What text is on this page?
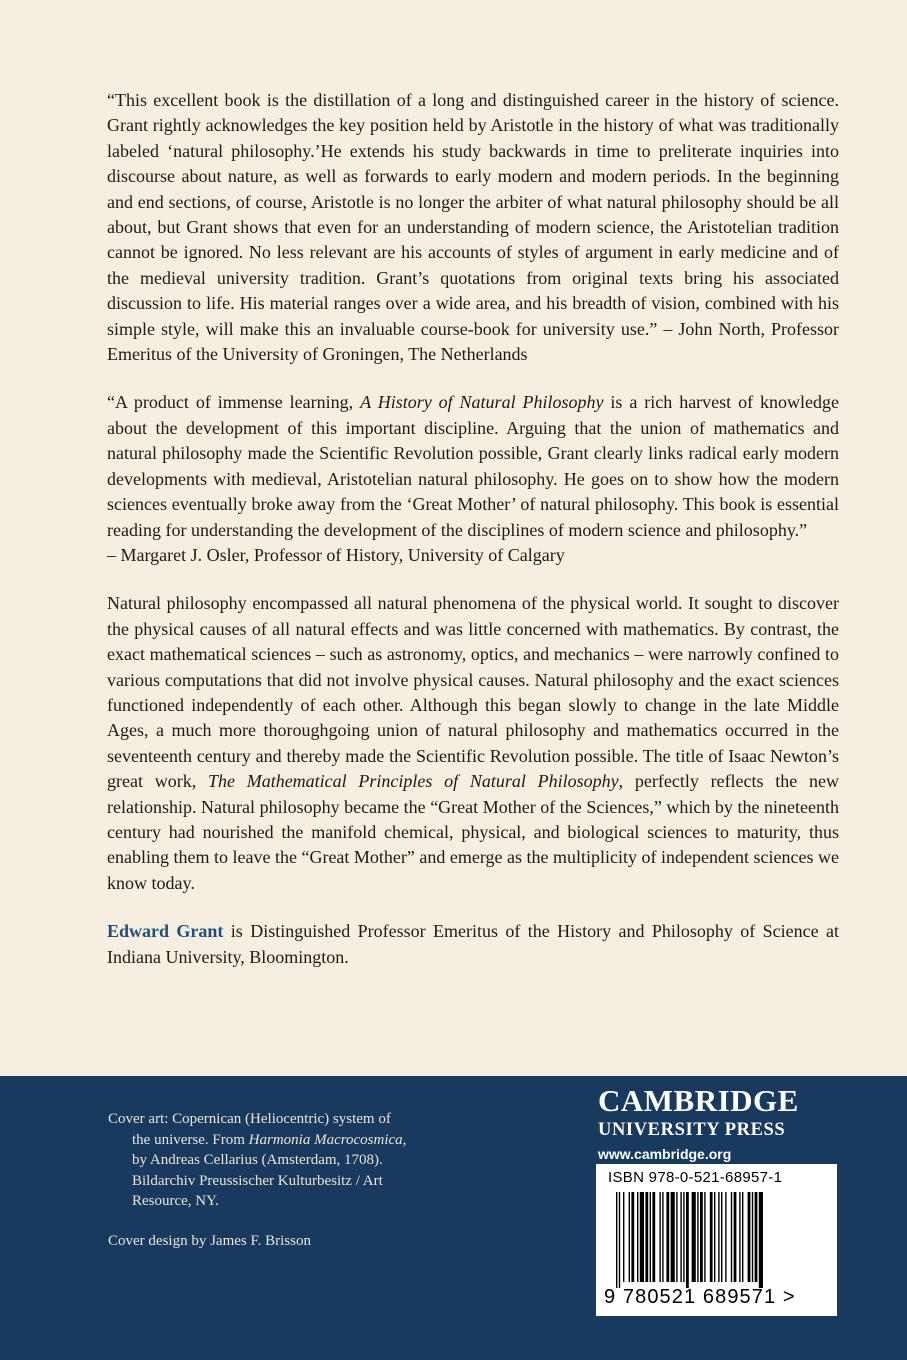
“This excellent book is the distillation of a long and distinguished career in the history of science. Grant rightly acknowledges the key position held by Aristotle in the history of what was traditionally labeled ‘natural philosophy.’He extends his study backwards in time to preliterate inquiries into discourse about nature, as well as forwards to early modern and modern periods. In the beginning and end sections, of course, Aristotle is no longer the arbiter of what natural philosophy should be all about, but Grant shows that even for an understanding of modern science, the Aristotelian tradition cannot be ignored. No less relevant are his accounts of styles of argument in early medicine and of the medieval university tradition. Grant’s quotations from original texts bring his associated discussion to life. His material ranges over a wide area, and his breadth of vision, combined with his simple style, will make this an invaluable course-book for university use.” – John North, Professor Emeritus of the University of Groningen, The Netherlands

“A product of immense learning, A History of Natural Philosophy is a rich harvest of knowledge about the development of this important discipline. Arguing that the union of mathematics and natural philosophy made the Scientific Revolution possible, Grant clearly links radical early modern developments with medieval, Aristotelian natural philosophy. He goes on to show how the modern sciences eventually broke away from the ‘Great Mother’ of natural philosophy. This book is essential reading for understanding the development of the disciplines of modern science and philosophy.”
– Margaret J. Osler, Professor of History, University of Calgary

Natural philosophy encompassed all natural phenomena of the physical world. It sought to discover the physical causes of all natural effects and was little concerned with mathematics. By contrast, the exact mathematical sciences – such as astronomy, optics, and mechanics – were narrowly confined to various computations that did not involve physical causes. Natural philosophy and the exact sciences functioned independently of each other. Although this began slowly to change in the late Middle Ages, a much more thoroughgoing union of natural philosophy and mathematics occurred in the seventeenth century and thereby made the Scientific Revolution possible. The title of Isaac Newton’s great work, The Mathematical Principles of Natural Philosophy, perfectly reflects the new relationship. Natural philosophy became the “Great Mother of the Sciences,” which by the nineteenth century had nourished the manifold chemical, physical, and biological sciences to maturity, thus enabling them to leave the “Great Mother” and emerge as the multiplicity of independent sciences we know today.

Edward Grant is Distinguished Professor Emeritus of the History and Philosophy of Science at Indiana University, Bloomington.

Cover art: Copernican (Heliocentric) system of
the universe. From Harmonia Macrocosmica,
by Andreas Cellarius (Amsterdam, 1708).
Bildarchiv Preussischer Kulturbesitz / Art
Resource, NY.
Cover design by James F. Brisson
CAMBRIDGE
UNIVERSITY PRESS
www.cambridge.org
ISBN 978-0-521-68957-1
9 780521 689571 >
